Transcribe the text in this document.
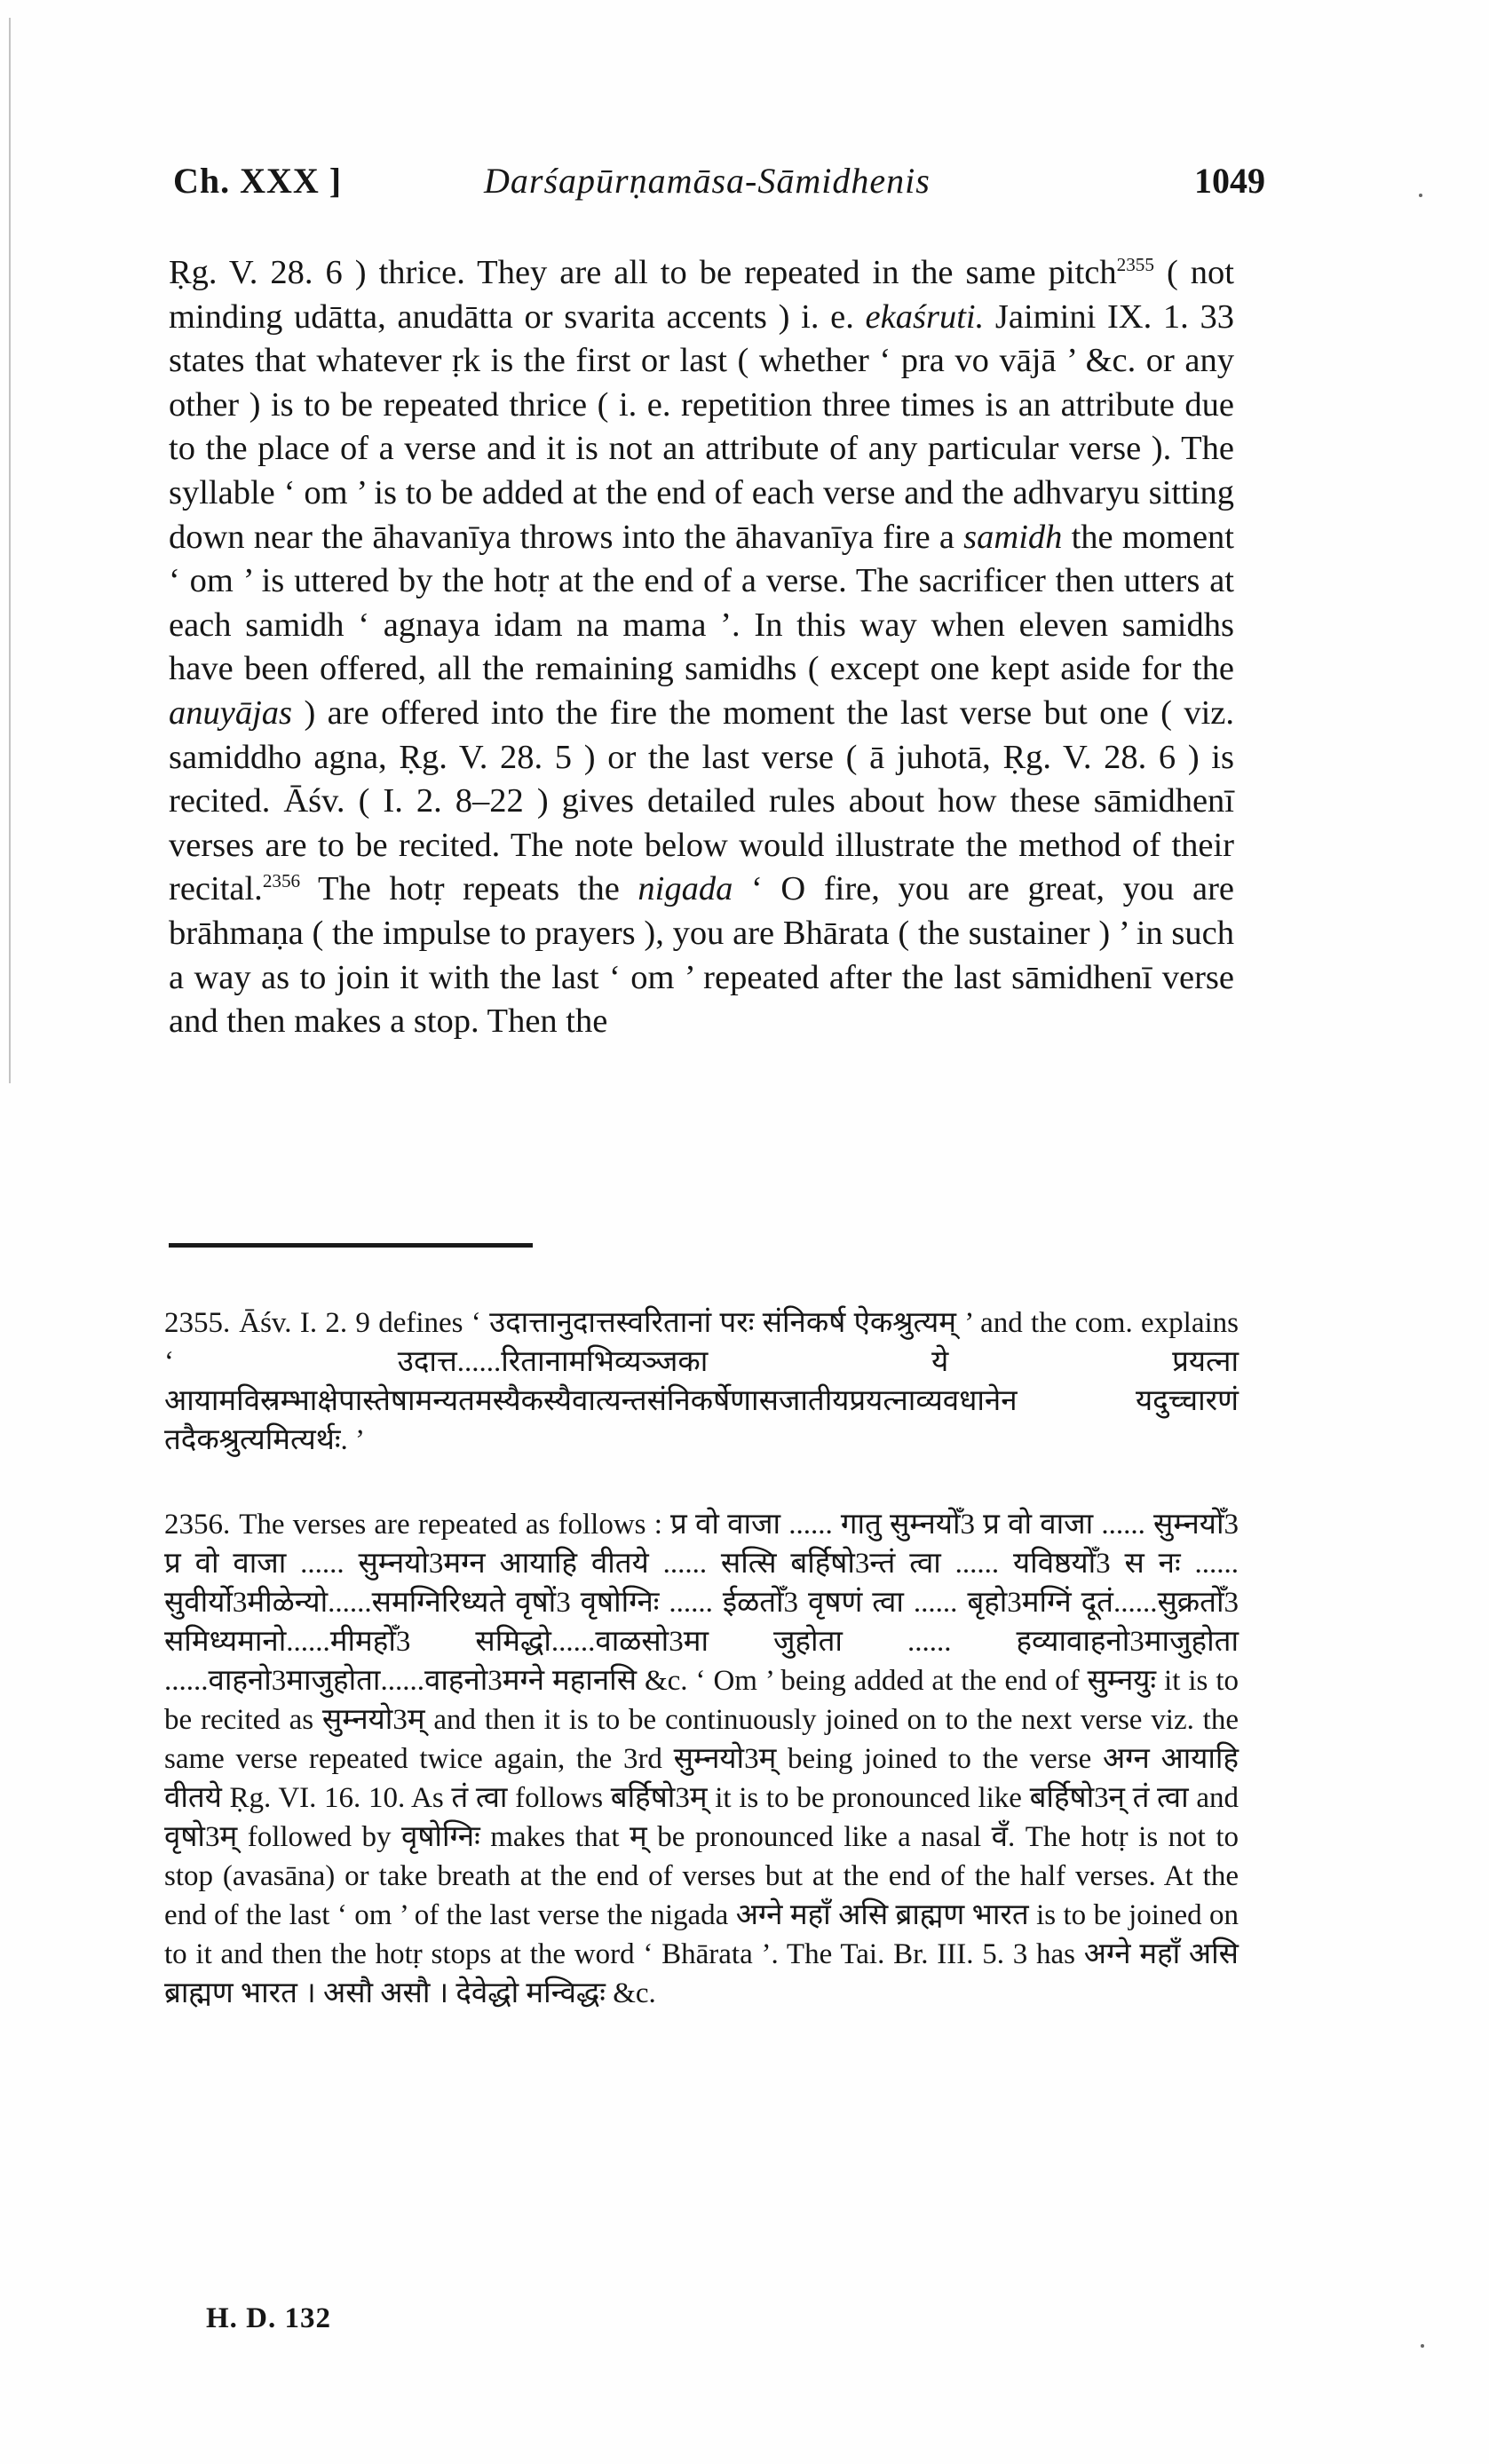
Ch. XXX ]	Darśapūrṇamāsa-Sāmidhenis	1049

Ṛg. V. 28. 6 ) thrice. They are all to be repeated in the same pitch$^{2355}$ ( not minding udātta, anudātta or svarita accents ) i. e. ekaśruti. Jaimini IX. 1. 33 states that whatever ṛk is the first or last ( whether ‘ pra vo vājā ’ &c. or any other ) is to be repeated thrice ( i. e. repetition three times is an attribute due to the place of a verse and it is not an attribute of any particular verse ). The syllable ‘ om ’ is to be added at the end of each verse and the adhvaryu sitting down near the āhavanīya throws into the āhavanīya fire a samidh the moment ‘ om ’ is uttered by the hotṛ at the end of a verse. The sacrificer then utters at each samidh ‘ agnaya idam na mama ’. In this way when eleven samidhs have been offered, all the remaining samidhs ( except one kept aside for the anuyājas ) are offered into the fire the moment the last verse but one ( viz. samiddho agna, Ṛg. V. 28. 5 ) or the last verse ( ā juhotā, Ṛg. V. 28. 6 ) is recited. Āśv. ( I. 2. 8–22 ) gives detailed rules about how these sāmidhenī verses are to be recited. The note below would illustrate the method of their recital.$^{2356}$ The hotṛ repeats the nigada ‘ O fire, you are great, you are brāhmaṇa ( the impulse to prayers ), you are Bhārata ( the sustainer ) ’ in such a way as to join it with the last ‘ om ’ repeated after the last sāmidhenī verse and then makes a stop. Then the

2355. Āśv. I. 2. 9 defines ‘ उदात्तानुदात्तस्वरितानां परः संनिकर्ष ऐकश्रुत्यम् ’ and the com. explains ‘ उदात्त......रितानामभिव्यञ्जका ये प्रयत्ना आयामविस्रम्भाक्षेपास्तेषामन्यतमस्यैकस्यैवात्यन्तसंनिकर्षेणासजातीयप्रयत्नाव्यवधानेन यदुच्चारणं तदैकश्रुत्यमित्यर्थः. ’

2356. The verses are repeated as follows : प्र वो वाजा ...... गातु सुम्नयोँ3 प्र वो वाजा ...... सुम्नयोँ3 प्र वो वाजा ...... सुम्नयो3मग्न आयाहि वीतये ...... सत्सि बर्हिषो3न्तं त्वा ...... यविष्ठयोँ3 स नः ...... सुवीर्यो3मीळेन्यो......समग्निरिध्यते वृषों3 वृषोग्निः ...... ईळतोँ3 वृषणं त्वा ...... बृहो3मग्निं दूतं......सुक्रतोँ3 समिध्यमानो......मीमहोँ3 समिद्धो......वाळसो3मा जुहोता ...... हव्यावाहनो3माजुहोता ......वाहनो3माजुहोता......वाहनो3मग्ने महानसि &c. ‘ Om ’ being added at the end of सुम्नयुः it is to be recited as सुम्नयो3म् and then it is to be continuously joined on to the next verse viz. the same verse repeated twice again, the 3rd सुम्नयो3म् being joined to the verse अग्न आयाहि वीतये Ṛg. VI. 16. 10. As तं त्वा follows बर्हिषो3म् it is to be pronounced like बर्हिषो3न् तं त्वा and वृषो3म् followed by वृषोग्निः makes that म् be pronounced like a nasal वँ. The hotṛ is not to stop (avasāna) or take breath at the end of verses but at the end of the half verses. At the end of the last ‘ om ’ of the last verse the nigada अग्ने महाँ असि ब्राह्मण भारत is to be joined on to it and then the hotṛ stops at the word ‘ Bhārata ’. The Tai. Br. III. 5. 3 has अग्ने महाँ असि ब्राह्मण भारत । असौ असौ । देवेद्धो मन्विद्धः &c.

H. D. 132
